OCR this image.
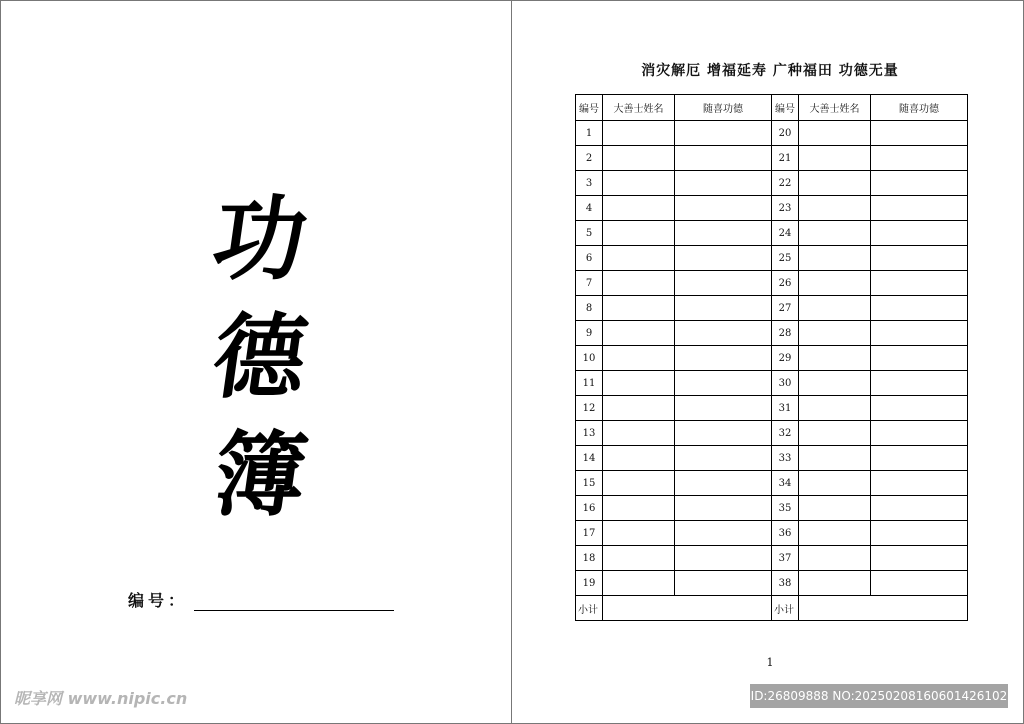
功
德
簿
编号：
消灾解厄 增福延寿 广种福田 功德无量
编号	大善士姓名	随喜功德	编号	大善士姓名	随喜功德
1			20		
2			21		
3			22		
4			23		
5			24		
6			25		
7			26		
8			27		
9			28		
10			29		
11			30		
12			31		
13			32		
14			33		
15			34		
16			35		
17			36		
18			37		
19			38		
小计			小计		
1
昵享网 www.nipic.cn	ID:26809888 NO:20250208160601426102
